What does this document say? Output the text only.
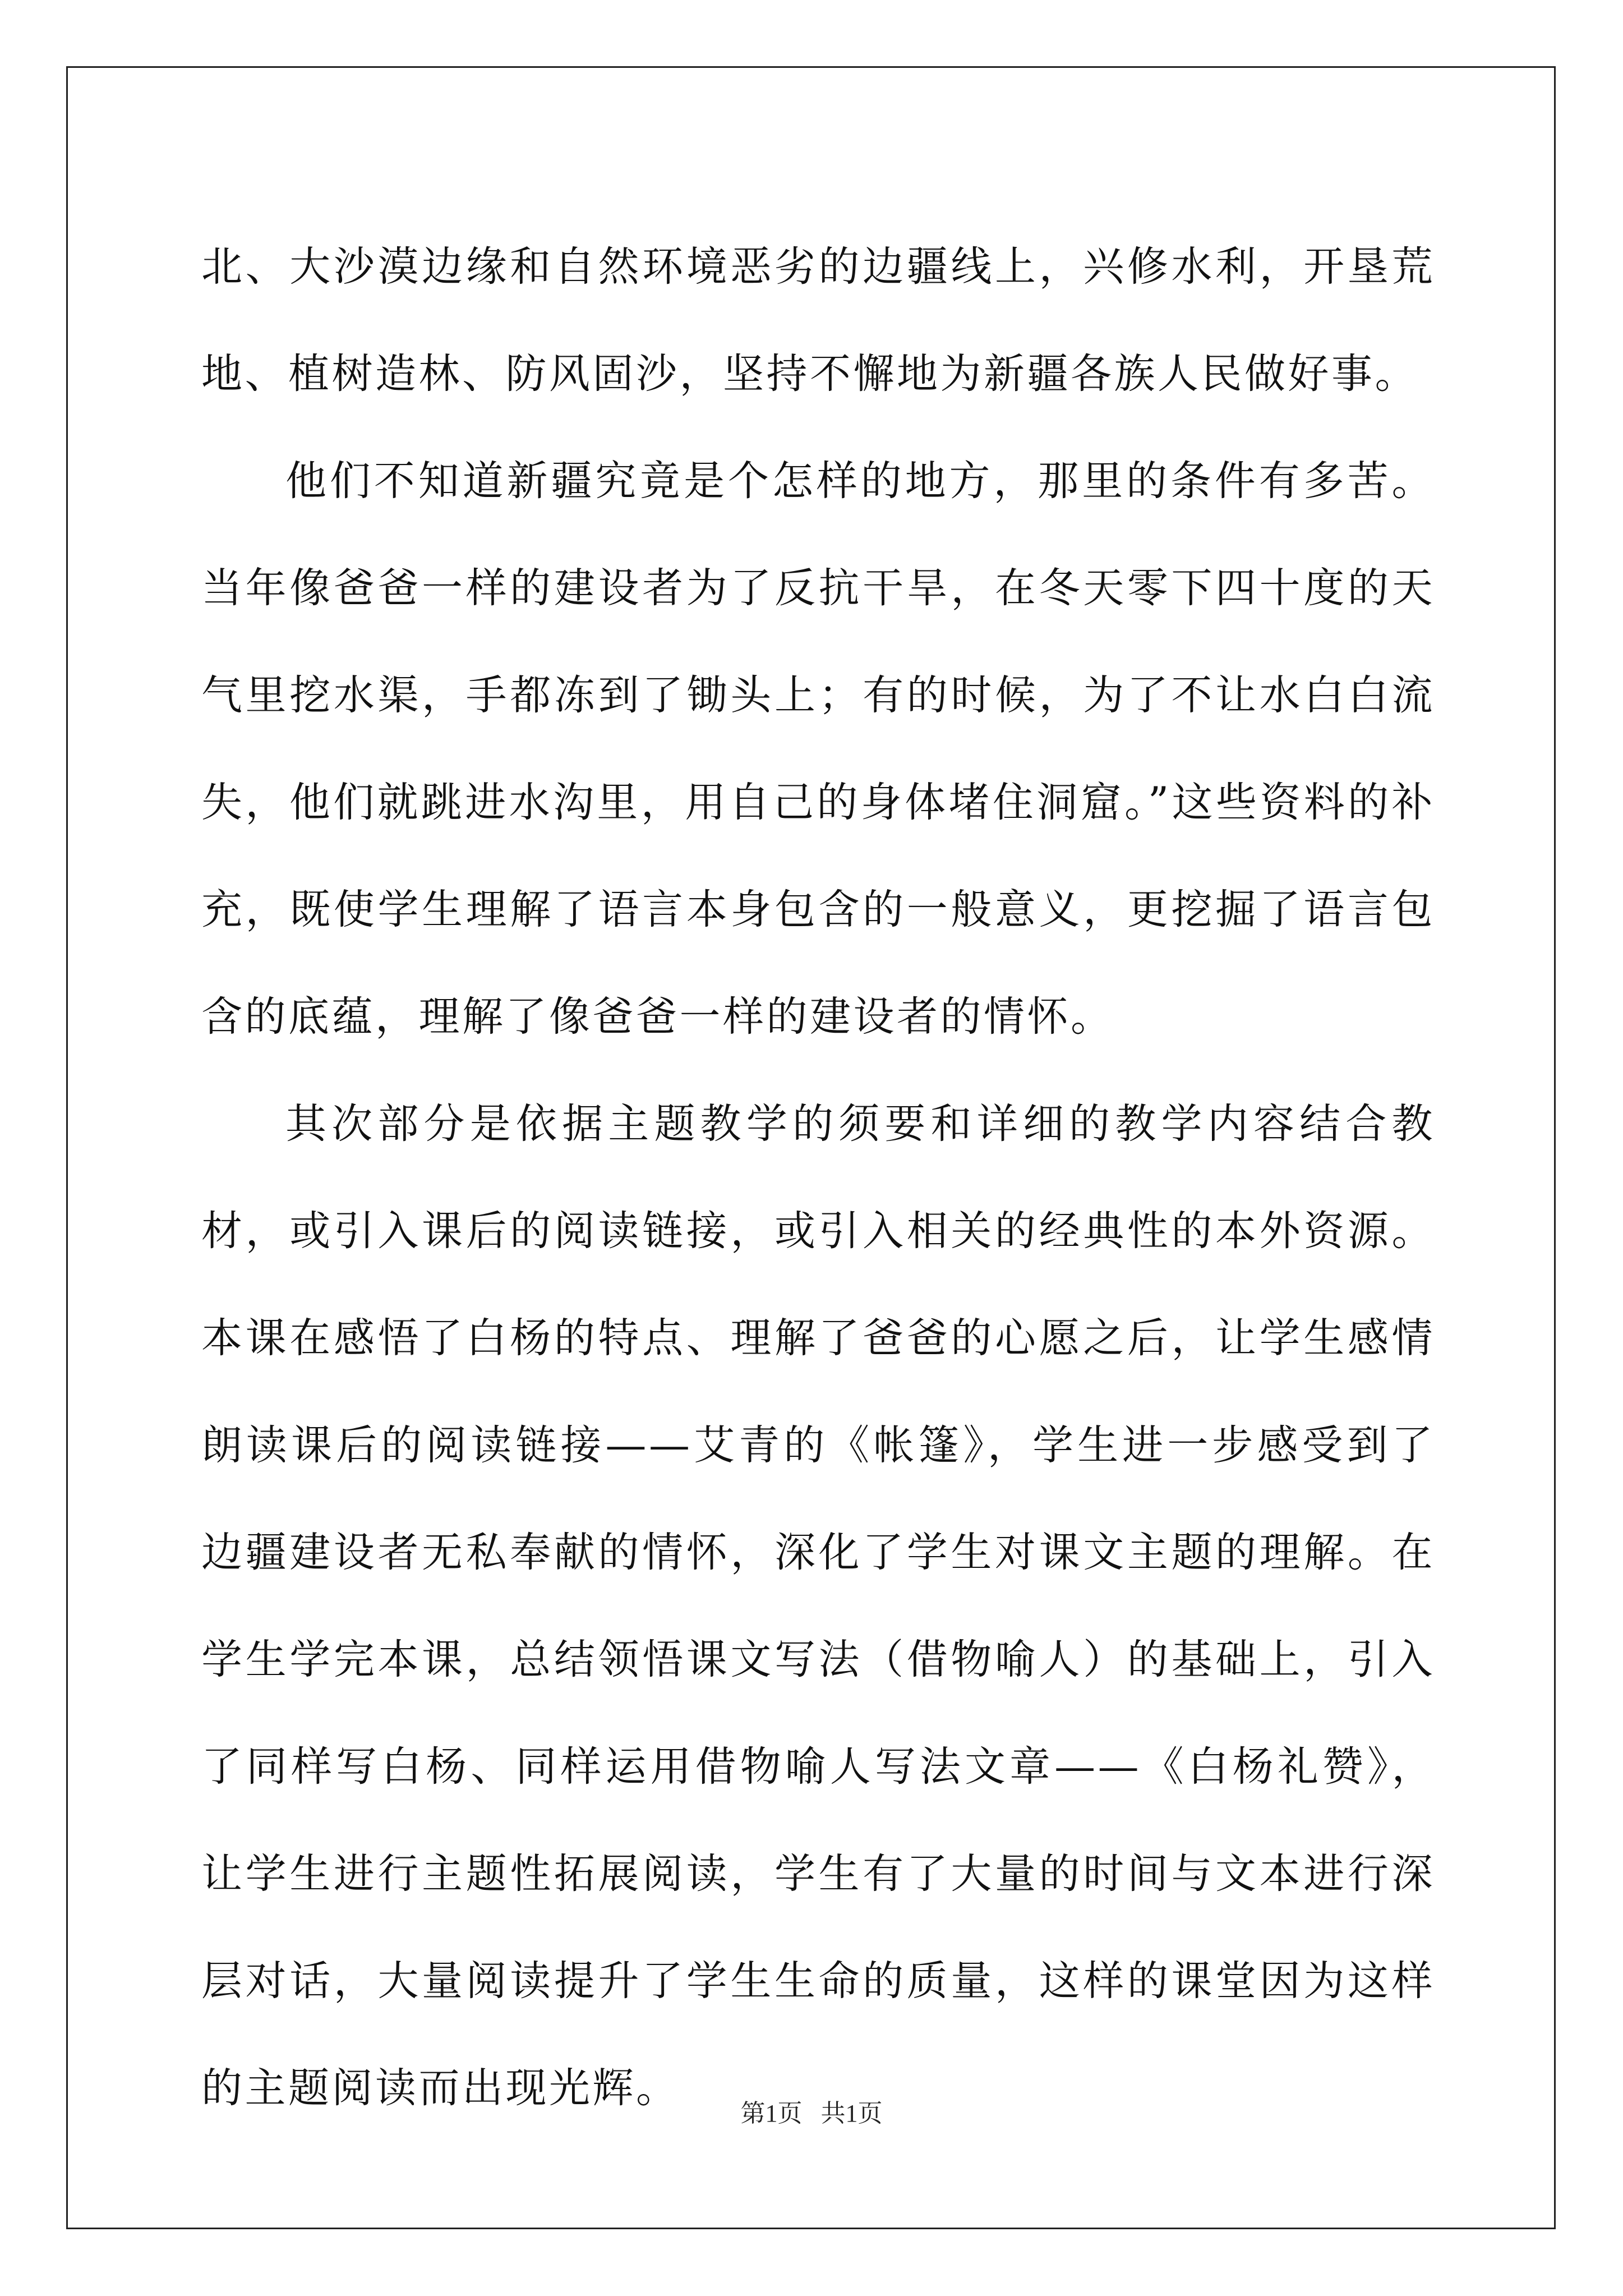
北、大沙漠边缘和自然环境恶劣的边疆线上，兴修水利，开垦荒地、植树造林、防风固沙，坚持不懈地为新疆各族人民做好事。

他们不知道新疆究竟是个怎样的地方，那里的条件有多苦。当年像爸爸一样的建设者为了反抗干旱，在冬天零下四十度的天气里挖水渠，手都冻到了锄头上；有的时候，为了不让水白白流失，他们就跳进水沟里，用自己的身体堵住洞窟。”这些资料的补充，既使学生理解了语言本身包含的一般意义，更挖掘了语言包含的底蕴，理解了像爸爸一样的建设者的情怀。

其次部分是依据主题教学的须要和详细的教学内容结合教材，或引入课后的阅读链接，或引入相关的经典性的本外资源。本课在感悟了白杨的特点、理解了爸爸的心愿之后，让学生感情朗读课后的阅读链接——艾青的《帐篷》，学生进一步感受到了边疆建设者无私奉献的情怀，深化了学生对课文主题的理解。在学生学完本课，总结领悟课文写法（借物喻人）的基础上，引入了同样写白杨、同样运用借物喻人写法文章——《白杨礼赞》，让学生进行主题性拓展阅读，学生有了大量的时间与文本进行深层对话，大量阅读提升了学生生命的质量，这样的课堂因为这样的主题阅读而出现光辉。

第1页 共1页
